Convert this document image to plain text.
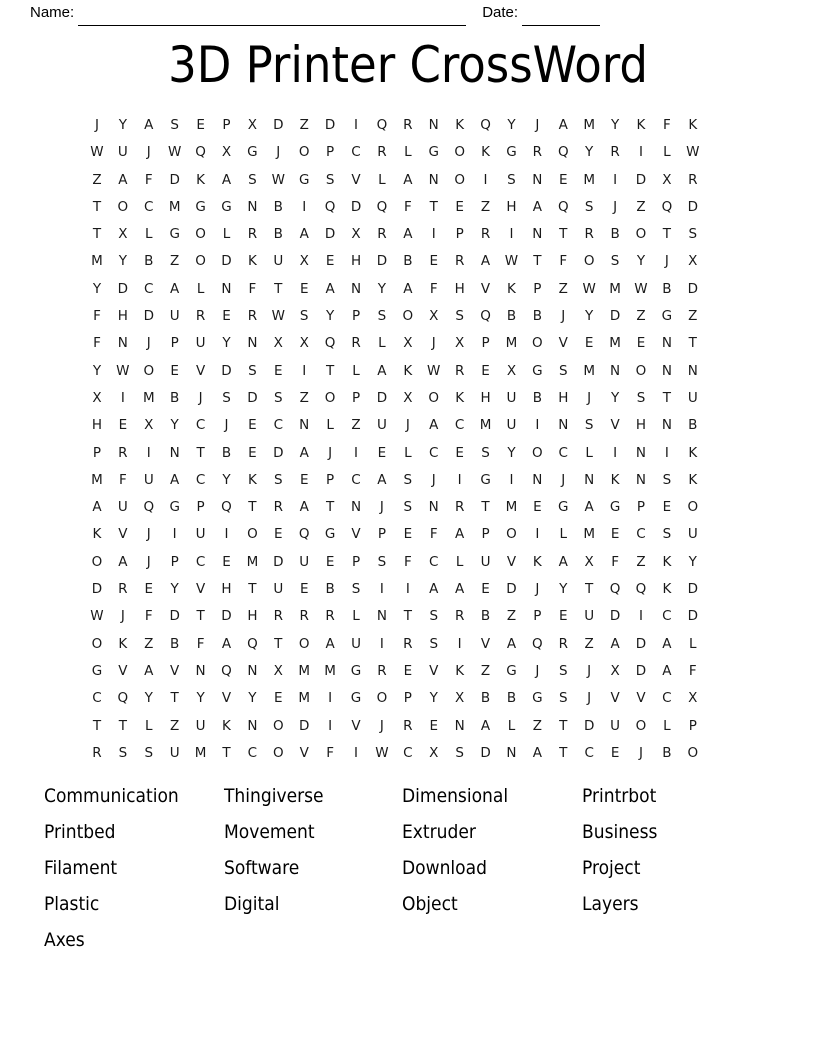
Name:	Date:
3D Printer CrossWord
J	Y	A	S	E	P	X	D	Z	D	I	Q	R	N	K	Q	Y	J	A	M	Y	K	F	K	
W	U	J	W	Q	X	G	J	O	P	C	R	L	G	O	K	G	R	Q	Y	R	I	L	W	
Z	A	F	D	K	A	S	W	G	S	V	L	A	N	O	I	S	N	E	M	I	D	X	R	
T	O	C	M	G	G	N	B	I	Q	D	Q	F	T	E	Z	H	A	Q	S	J	Z	Q	D	
T	X	L	G	O	L	R	B	A	D	X	R	A	I	P	R	I	N	T	R	B	O	T	S	
M	Y	B	Z	O	D	K	U	X	E	H	D	B	E	R	A	W	T	F	O	S	Y	J	X	
Y	D	C	A	L	N	F	T	E	A	N	Y	A	F	H	V	K	P	Z	W	M	W	B	D	
F	H	D	U	R	E	R	W	S	Y	P	S	O	X	S	Q	B	B	J	Y	D	Z	G	Z	
F	N	J	P	U	Y	N	X	X	Q	R	L	X	J	X	P	M	O	V	E	M	E	N	T	
Y	W	O	E	V	D	S	E	I	T	L	A	K	W	R	E	X	G	S	M	N	O	N	N	
X	I	M	B	J	S	D	S	Z	O	P	D	X	O	K	H	U	B	H	J	Y	S	T	U	
H	E	X	Y	C	J	E	C	N	L	Z	U	J	A	C	M	U	I	N	S	V	H	N	B	
P	R	I	N	T	B	E	D	A	J	I	E	L	C	E	S	Y	O	C	L	I	N	I	K	
M	F	U	A	C	Y	K	S	E	P	C	A	S	J	I	G	I	N	J	N	K	N	S	K	
A	U	Q	G	P	Q	T	R	A	T	N	J	S	N	R	T	M	E	G	A	G	P	E	O	
K	V	J	I	U	I	O	E	Q	G	V	P	E	F	A	P	O	I	L	M	E	C	S	U	
O	A	J	P	C	E	M	D	U	E	P	S	F	C	L	U	V	K	A	X	F	Z	K	Y	
D	R	E	Y	V	H	T	U	E	B	S	I	I	A	A	E	D	J	Y	T	Q	Q	K	D	
W	J	F	D	T	D	H	R	R	R	L	N	T	S	R	B	Z	P	E	U	D	I	C	D	
O	K	Z	B	F	A	Q	T	O	A	U	I	R	S	I	V	A	Q	R	Z	A	D	A	L	
G	V	A	V	N	Q	N	X	M	M	G	R	E	V	K	Z	G	J	S	J	X	D	A	F	
C	Q	Y	T	Y	V	Y	E	M	I	G	O	P	Y	X	B	B	G	S	J	V	V	C	X	
T	T	L	Z	U	K	N	O	D	I	V	J	R	E	N	A	L	Z	T	D	U	O	L	P	
R	S	S	U	M	T	C	O	V	F	I	W	C	X	S	D	N	A	T	C	E	J	B	O	
Communication	Thingiverse	Dimensional	Printrbot
Printbed	Movement	Extruder	Business
Filament	Software	Download	Project
Plastic	Digital	Object	Layers
Axes
